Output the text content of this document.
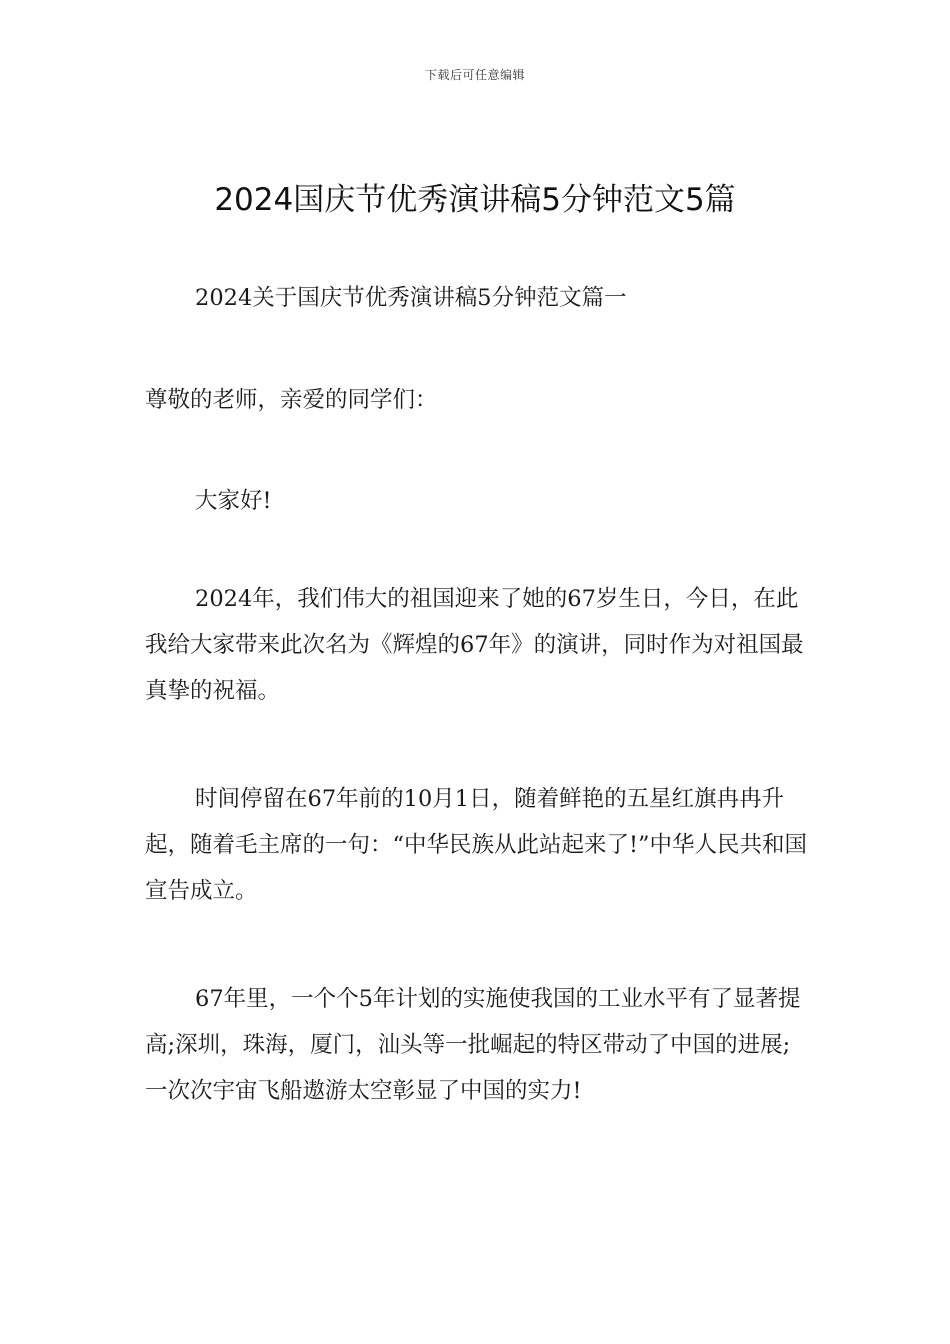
下载后可任意编辑
2024国庆节优秀演讲稿5分钟范文5篇

2024关于国庆节优秀演讲稿5分钟范文篇一

尊敬的老师，亲爱的同学们：

大家好!

2024年，我们伟大的祖国迎来了她的67岁生日，今日，在此我给大家带来此次名为《辉煌的67年》的演讲，同时作为对祖国最真挚的祝福。

时间停留在67年前的10月1日，随着鲜艳的五星红旗冉冉升起，随着毛主席的一句：“中华民族从此站起来了!”中华人民共和国宣告成立。

67年里，一个个5年计划的实施使我国的工业水平有了显著提高;深圳，珠海，厦门，汕头等一批崛起的特区带动了中国的进展;一次次宇宙飞船遨游太空彰显了中国的实力!
